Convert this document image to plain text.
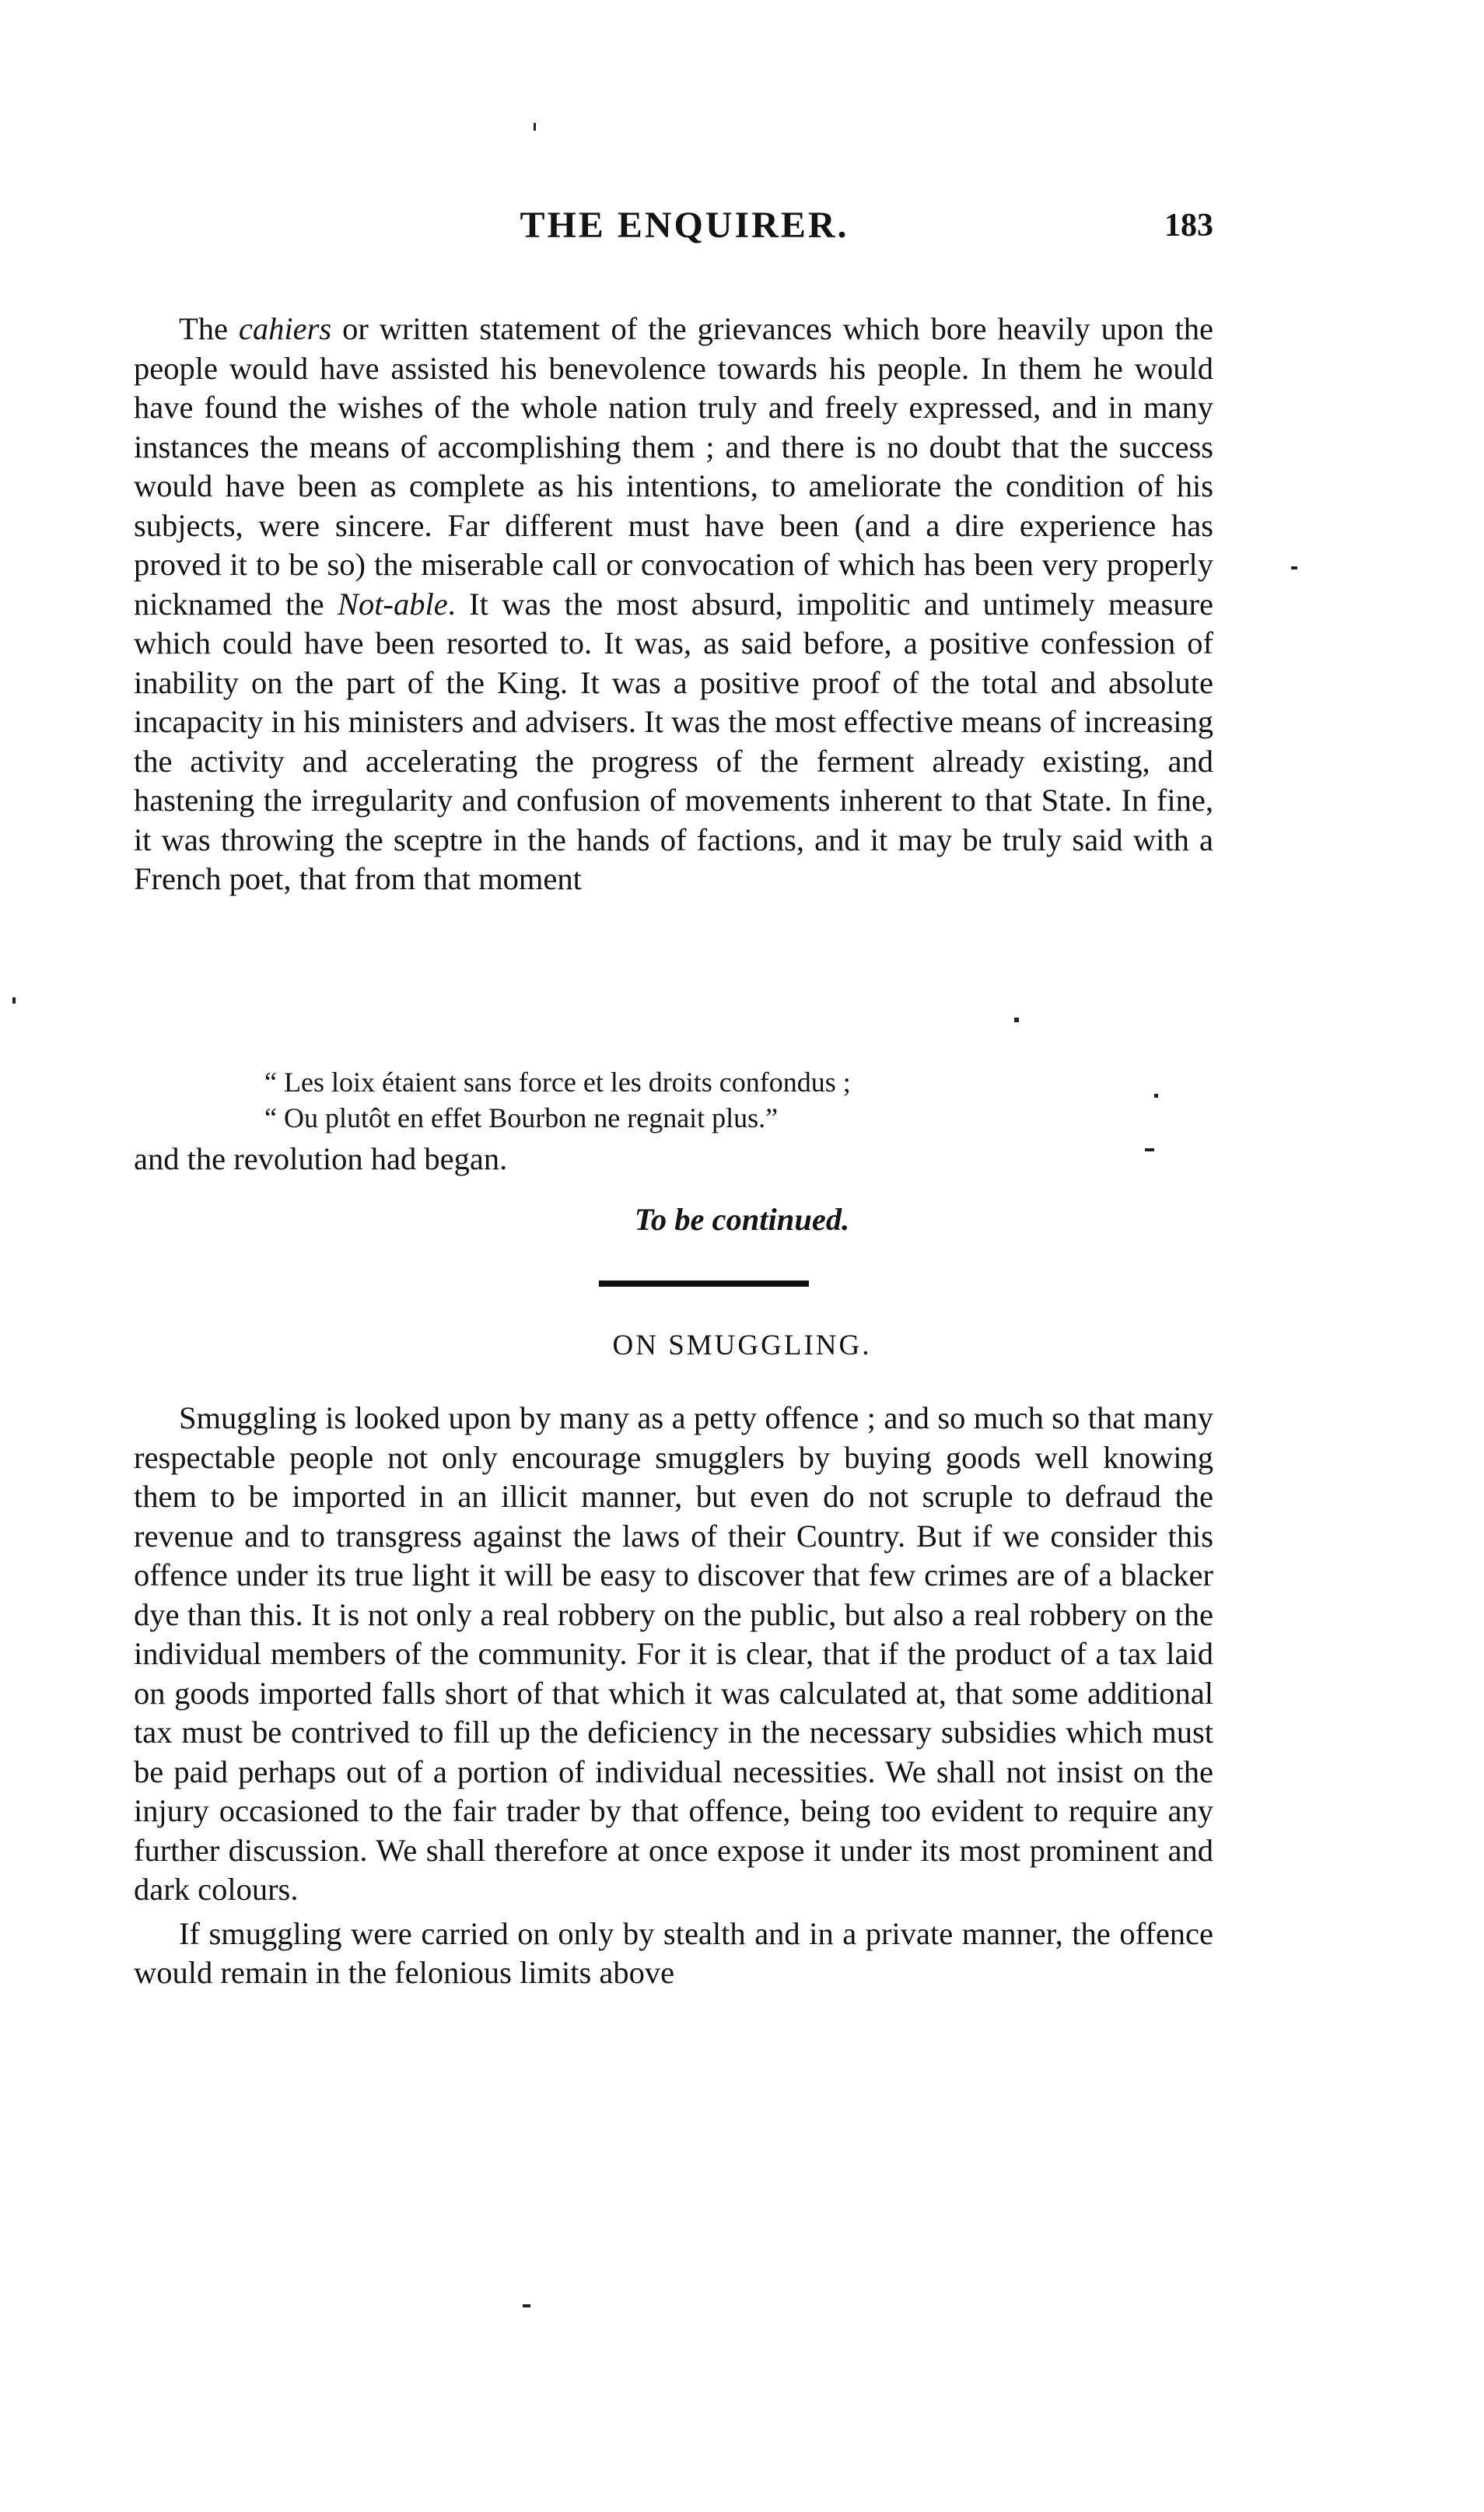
THE ENQUIRER.	183

The cahiers or written statement of the grievances which bore heavily upon the people would have assisted his benevolence towards his people. In them he would have found the wishes of the whole nation truly and freely expressed, and in many instances the means of accomplishing them ; and there is no doubt that the success would have been as complete as his intentions, to ameliorate the condition of his subjects, were sincere. Far different must have been (and a dire experience has proved it to be so) the miserable call or convocation of which has been very properly nicknamed the Not-able. It was the most absurd, impolitic and untimely measure which could have been resorted to. It was, as said before, a positive confession of inability on the part of the King. It was a positive proof of the total and absolute incapacity in his ministers and advisers. It was the most effective means of increasing the activity and accelerating the progress of the ferment already existing, and hastening the irregularity and confusion of movements inherent to that State. In fine, it was throwing the sceptre in the hands of factions, and it may be truly said with a French poet, that from that moment

“ Les loix étaient sans force et les droits confondus ;
“ Ou plutôt en effet Bourbon ne regnait plus.”
and the revolution had began.
To be continued.
ON SMUGGLING.

Smuggling is looked upon by many as a petty offence ; and so much so that many respectable people not only encourage smugglers by buying goods well knowing them to be imported in an illicit manner, but even do not scruple to defraud the revenue and to transgress against the laws of their Country. But if we consider this offence under its true light it will be easy to discover that few crimes are of a blacker dye than this. It is not only a real robbery on the public, but also a real robbery on the individual members of the community. For it is clear, that if the product of a tax laid on goods imported falls short of that which it was calculated at, that some additional tax must be contrived to fill up the deficiency in the necessary subsidies which must be paid perhaps out of a portion of individual necessities. We shall not insist on the injury occasioned to the fair trader by that offence, being too evident to require any further discussion. We shall therefore at once expose it under its most prominent and dark colours.

If smuggling were carried on only by stealth and in a private manner, the offence would remain in the felonious limits above
